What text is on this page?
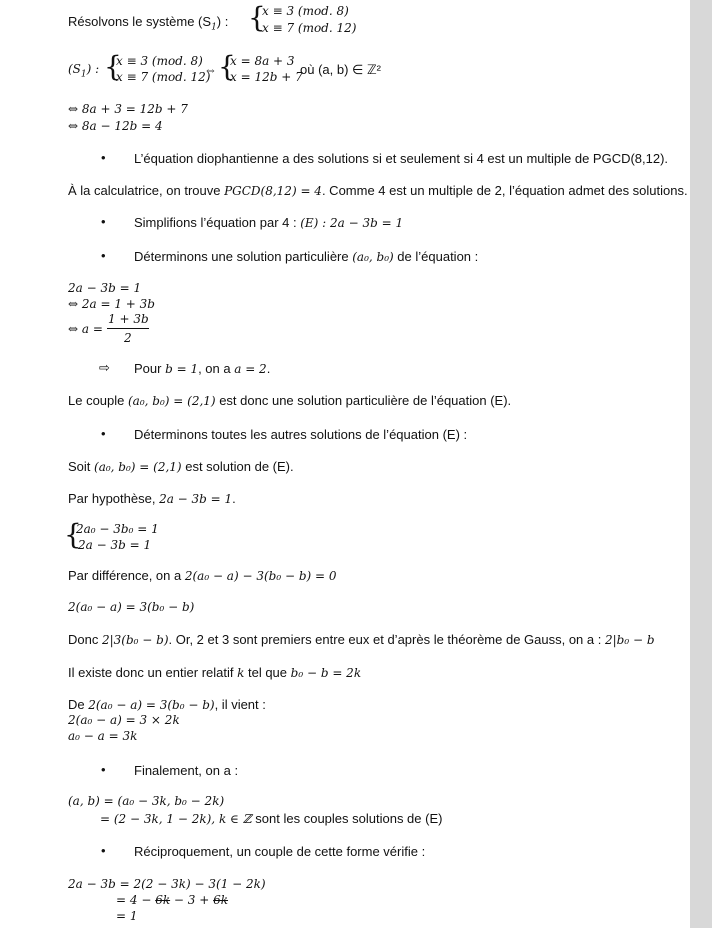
Résolvons le système $(S_1)$ : {
x ≡ 3 (mod. 8)
x ≡ 7 (mod. 12)
$(S_1)$ : {
x ≡ 3 (mod. 8)
x ≡ 7 (mod. 12)
⇔ {
x = 8a + 3
x = 12b + 7
où (a, b) ∈ ℤ²
⇔ 8a + 3 = 12b + 7
⇔ 8a − 12b = 4
• L’équation diophantienne a des solutions si et seulement si 4 est un multiple de PGCD(8,12).
À la calculatrice, on trouve PGCD(8,12) = 4. Comme 4 est un multiple de 2, l’équation admet des solutions.
• Simplifions l’équation par 4 : (E) : 2a − 3b = 1
• Déterminons une solution particulière (a₀, b₀) de l’équation :
2a − 3b = 1
⇔ 2a = 1 + 3b
⇔ a =
1 + 3b
2
⇨ Pour b = 1, on a a = 2.
Le couple (a₀, b₀) = (2,1) est donc une solution particulière de l’équation (E).
• Déterminons toutes les autres solutions de l’équation (E) :
Soit (a₀, b₀) = (2,1) est solution de (E).
Par hypothèse, 2a − 3b = 1.
{
2a₀ − 3b₀ = 1
2a − 3b = 1
Par différence, on a 2(a₀ − a) − 3(b₀ − b) = 0
2(a₀ − a) = 3(b₀ − b)
Donc 2|3(b₀ − b). Or, 2 et 3 sont premiers entre eux et d’après le théorème de Gauss, on a : 2|b₀ − b
Il existe donc un entier relatif k tel que b₀ − b = 2k
De 2(a₀ − a) = 3(b₀ − b), il vient :
2(a₀ − a) = 3 × 2k
a₀ − a = 3k
• Finalement, on a :
(a, b) = (a₀ − 3k, b₀ − 2k)
= (2 − 3k, 1 − 2k), k ∈ ℤ sont les couples solutions de (E)
• Réciproquement, un couple de cette forme vérifie :
2a − 3b = 2(2 − 3k) − 3(1 − 2k)
= 4 − 6k − 3 + 6k
= 1
